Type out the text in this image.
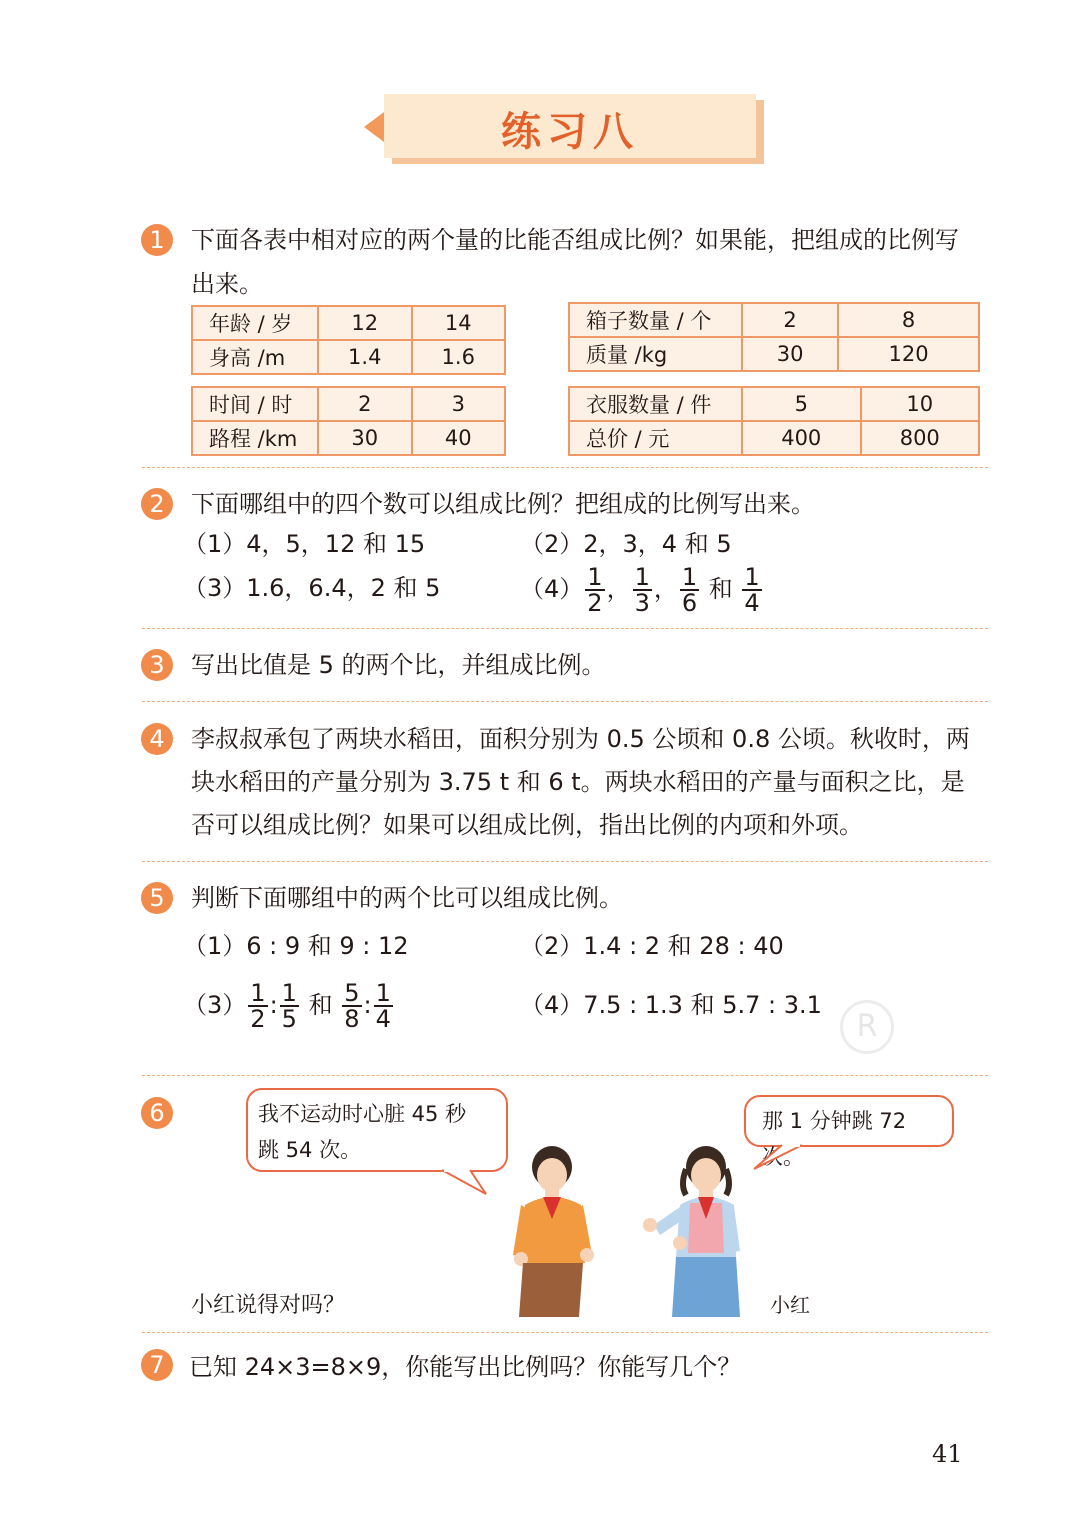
练习八
1	下面各表中相对应的两个量的比能否组成比例？如果能，把组成的比例写
出来。
年龄 / 岁	12	14
身高 /m	1.4	1.6
箱子数量 / 个	2	8
质量 /kg	30	120
时间 / 时	2	3
路程 /km	30	40
衣服数量 / 件	5	10
总价 / 元	400	800
2	下面哪组中的四个数可以组成比例？把组成的比例写出来。
（1）4，5，12 和 15	（2）2，3，4 和 5
（3）1.6，6.4，2 和 5	$(4) \frac{1}{2}$ ， $\frac{1}{3}$ ， $\frac{1}{6}$ 和 $\frac{1}{4}$
3	写出比值是 5 的两个比，并组成比例。
4	李叔叔承包了两块水稻田，面积分别为 0.5 公顷和 0.8 公顷。秋收时，两
块水稻田的产量分别为 3.75 t 和 6 t。两块水稻田的产量与面积之比，是
否可以组成比例？如果可以组成比例，指出比例的内项和外项。
5	判断下面哪组中的两个比可以组成比例。
（1）6 : 9 和 9 : 12	（2）1.4 : 2 和 28 : 40
$(3) \frac{1}{2}$ : $\frac{1}{5}$ 和 $\frac{5}{8}$ : $\frac{1}{4}$	（4）7.5 : 1.3 和 5.7 : 3.1
R
6	我不运动时心脏 45 秒
跳 54 次。
那 1 分钟跳 72 次。
小红说得对吗？	小红
7	已知 24×3=8×9，你能写出比例吗？你能写几个？
41
